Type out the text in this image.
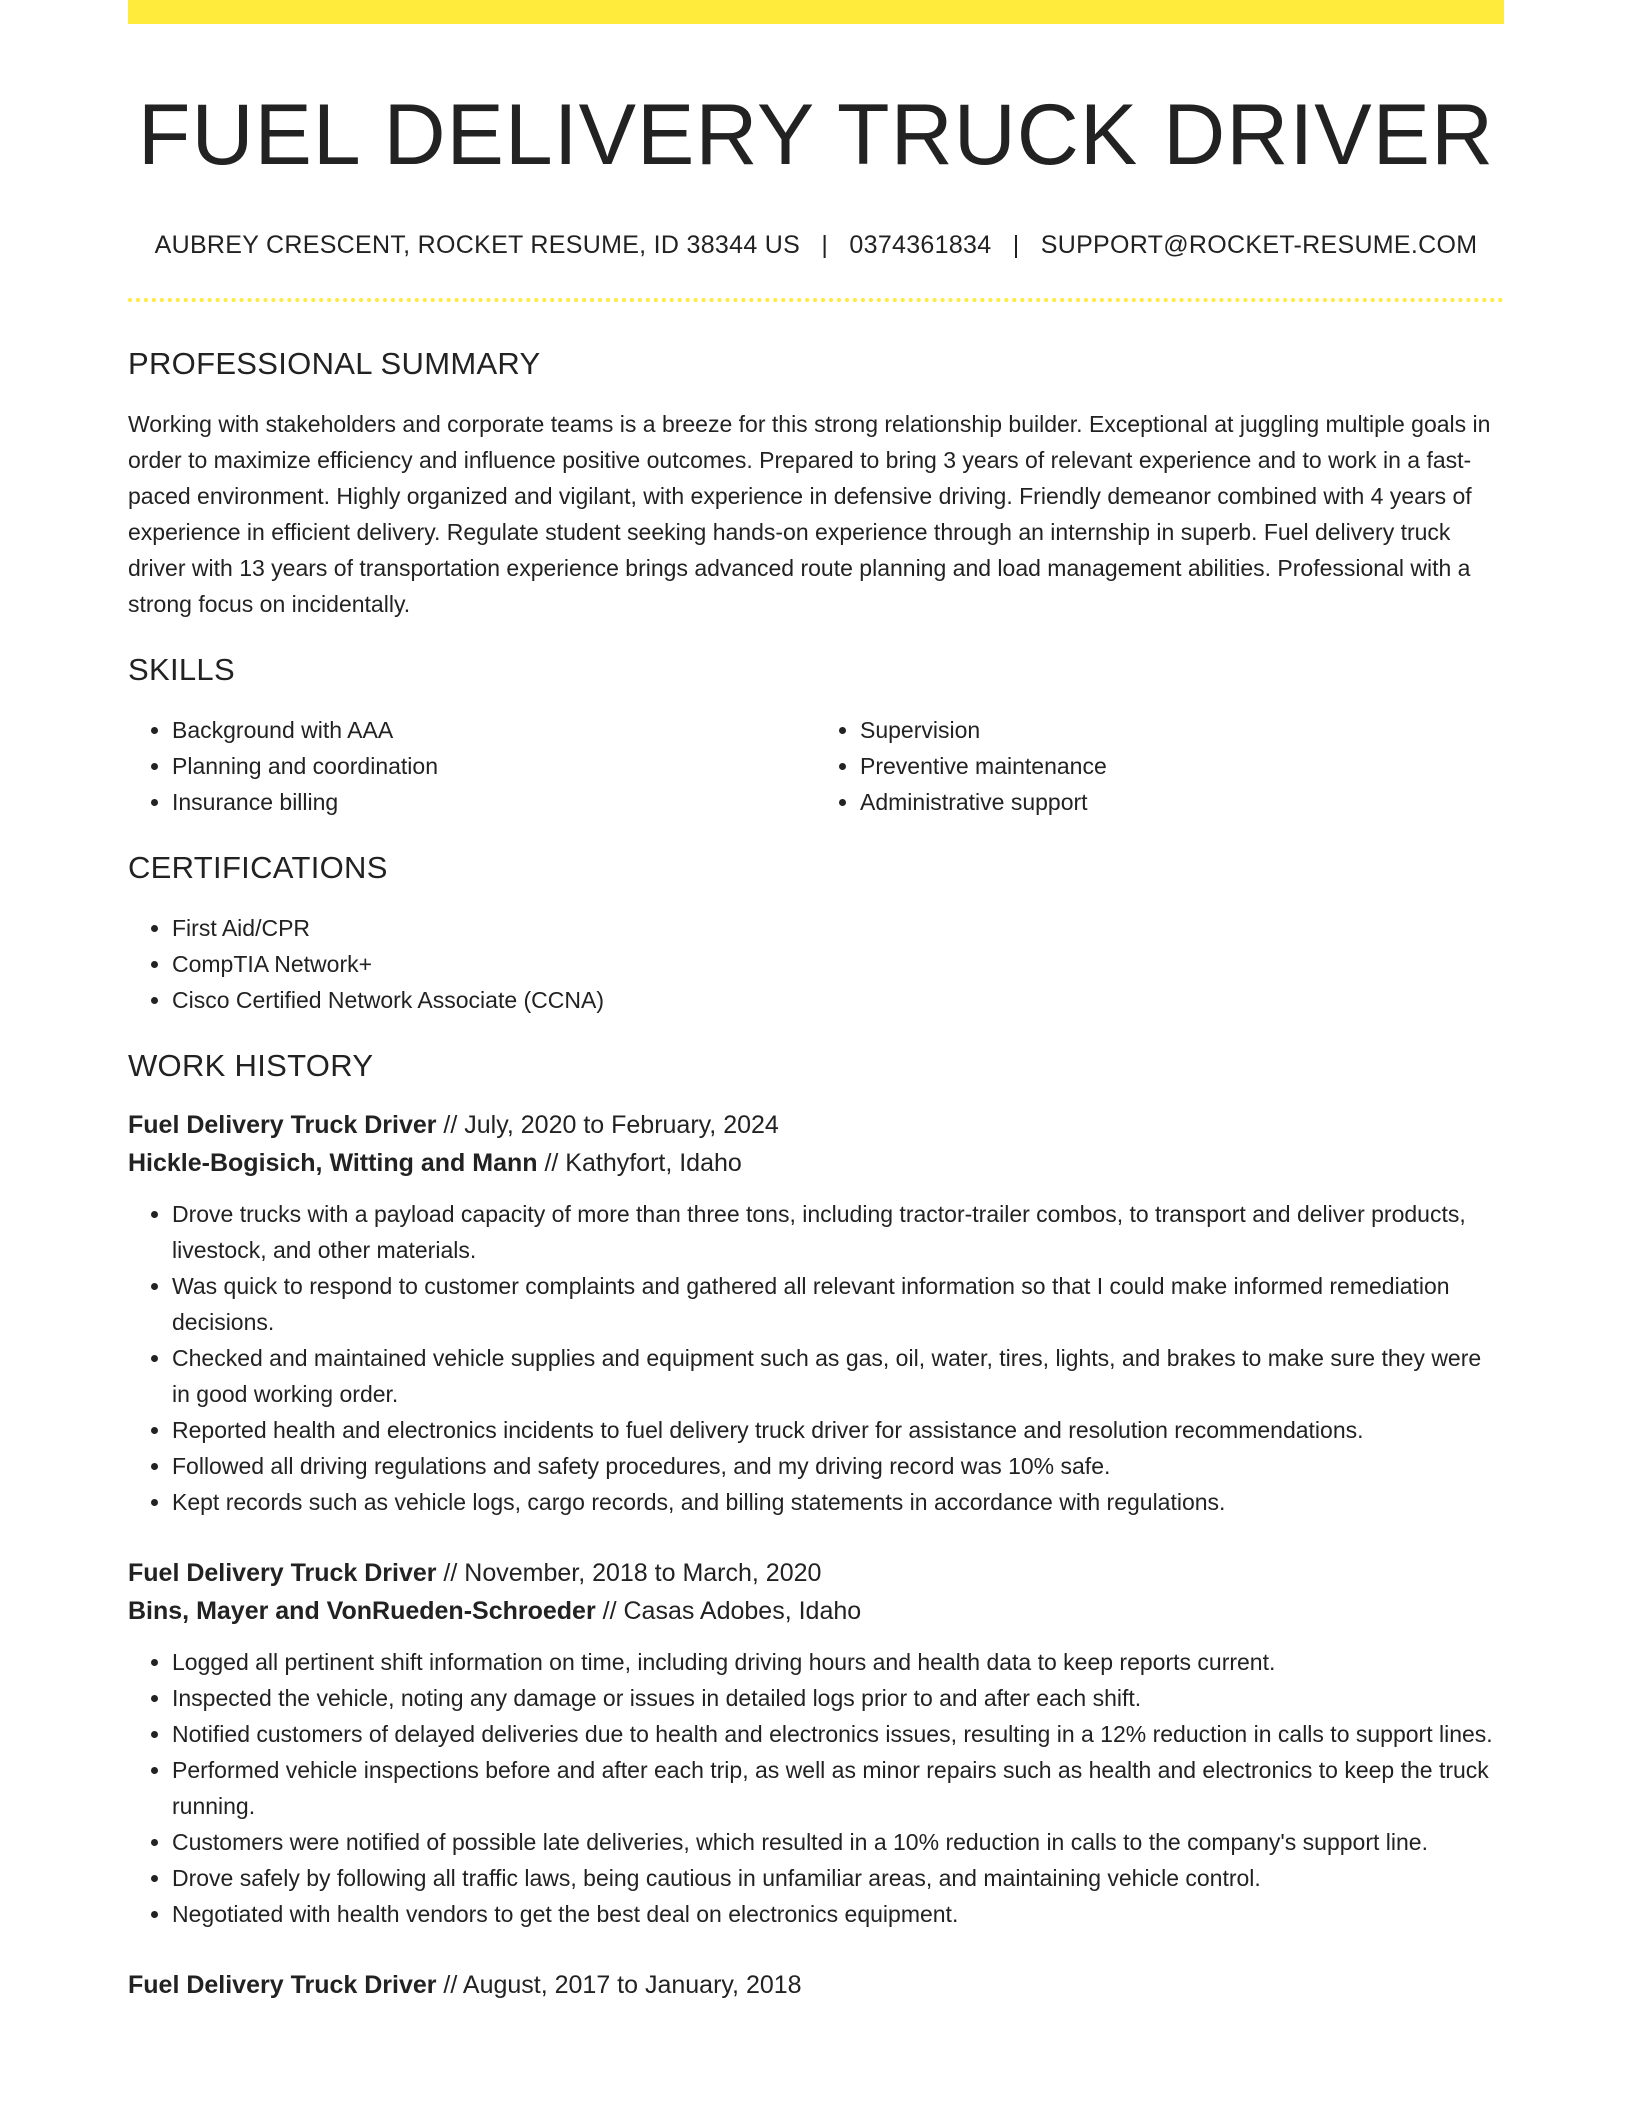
FUEL DELIVERY TRUCK DRIVER
AUBREY CRESCENT, ROCKET RESUME, ID 38344 US | 0374361834 | SUPPORT@ROCKET-RESUME.COM
PROFESSIONAL SUMMARY
Working with stakeholders and corporate teams is a breeze for this strong relationship builder. Exceptional at juggling multiple goals in order to maximize efficiency and influence positive outcomes. Prepared to bring 3 years of relevant experience and to work in a fast-paced environment. Highly organized and vigilant, with experience in defensive driving. Friendly demeanor combined with 4 years of experience in efficient delivery. Regulate student seeking hands-on experience through an internship in superb. Fuel delivery truck driver with 13 years of transportation experience brings advanced route planning and load management abilities. Professional with a strong focus on incidentally.
SKILLS
• Background with AAA
• Planning and coordination
• Insurance billing
• Supervision
• Preventive maintenance
• Administrative support
CERTIFICATIONS
• First Aid/CPR
• CompTIA Network+
• Cisco Certified Network Associate (CCNA)
WORK HISTORY
Fuel Delivery Truck Driver // July, 2020 to February, 2024
Hickle-Bogisich, Witting and Mann // Kathyfort, Idaho
• Drove trucks with a payload capacity of more than three tons, including tractor-trailer combos, to transport and deliver products, livestock, and other materials.
• Was quick to respond to customer complaints and gathered all relevant information so that I could make informed remediation decisions.
• Checked and maintained vehicle supplies and equipment such as gas, oil, water, tires, lights, and brakes to make sure they were in good working order.
• Reported health and electronics incidents to fuel delivery truck driver for assistance and resolution recommendations.
• Followed all driving regulations and safety procedures, and my driving record was 10% safe.
• Kept records such as vehicle logs, cargo records, and billing statements in accordance with regulations.
Fuel Delivery Truck Driver // November, 2018 to March, 2020
Bins, Mayer and VonRueden-Schroeder // Casas Adobes, Idaho
• Logged all pertinent shift information on time, including driving hours and health data to keep reports current.
• Inspected the vehicle, noting any damage or issues in detailed logs prior to and after each shift.
• Notified customers of delayed deliveries due to health and electronics issues, resulting in a 12% reduction in calls to support lines.
• Performed vehicle inspections before and after each trip, as well as minor repairs such as health and electronics to keep the truck running.
• Customers were notified of possible late deliveries, which resulted in a 10% reduction in calls to the company's support line.
• Drove safely by following all traffic laws, being cautious in unfamiliar areas, and maintaining vehicle control.
• Negotiated with health vendors to get the best deal on electronics equipment.
Fuel Delivery Truck Driver // August, 2017 to January, 2018
